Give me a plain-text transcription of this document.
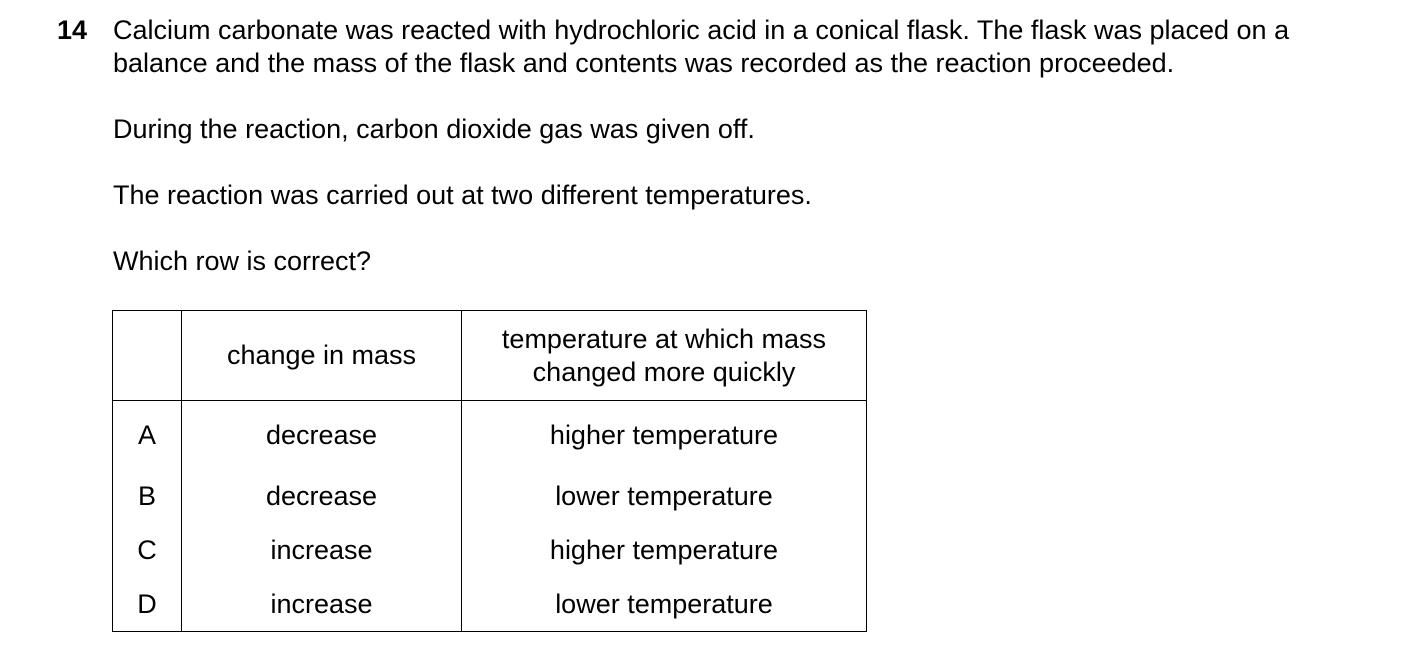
14 Calcium carbonate was reacted with hydrochloric acid in a conical flask. The flask was placed on a balance and the mass of the flask and contents was recorded as the reaction proceeded.

During the reaction, carbon dioxide gas was given off.

The reaction was carried out at two different temperatures.

Which row is correct?

	change in mass	temperature at which mass changed more quickly
A	decrease	higher temperature
B	decrease	lower temperature
C	increase	higher temperature
D	increase	lower temperature
